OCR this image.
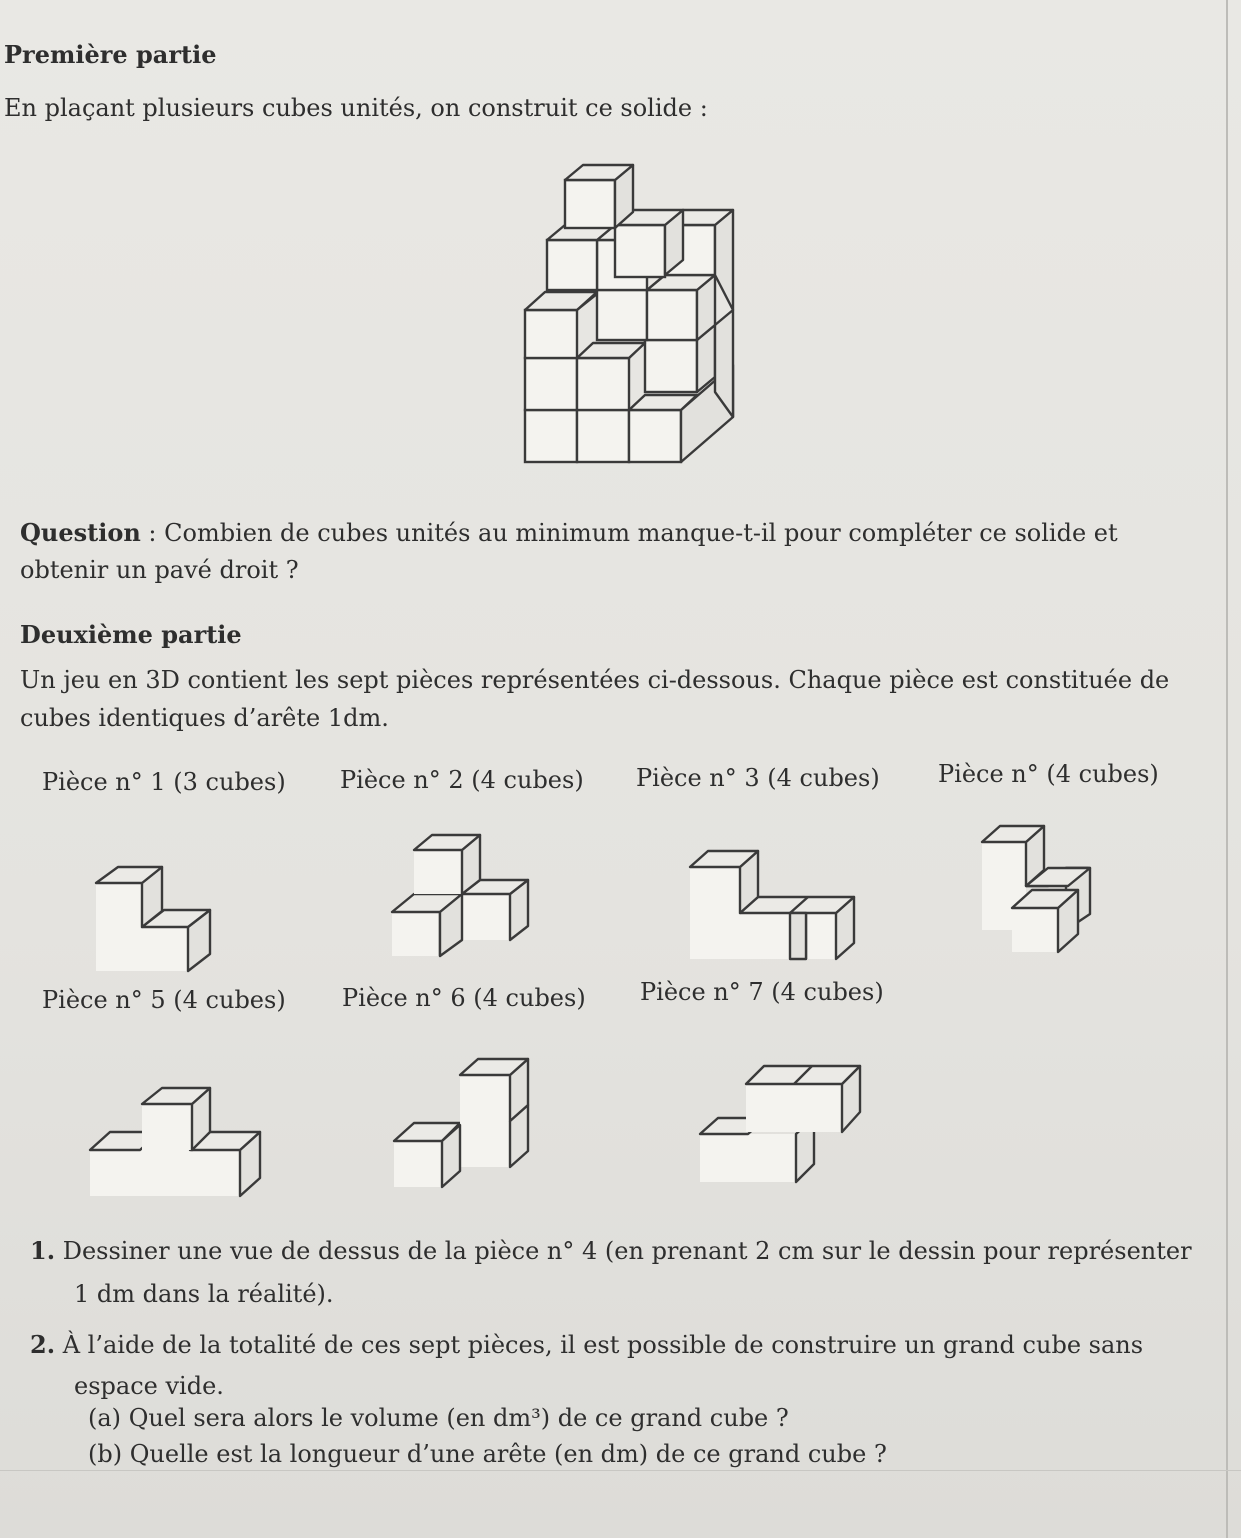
Première partie
En plaçant plusieurs cubes unités, on construit ce solide :
Question : Combien de cubes unités au minimum manque-t-il pour compléter ce solide et
obtenir un pavé droit ?
Deuxième partie
Un jeu en 3D contient les sept pièces représentées ci-dessous. Chaque pièce est constituée de
cubes identiques d’arête 1dm.
Pièce n° 1 (3 cubes) Pièce n° 2 (4 cubes) Pièce n° 3 (4 cubes) Pièce n° (4 cubes)
Pièce n° 5 (4 cubes) Pièce n° 6 (4 cubes) Pièce n° 7 (4 cubes)
1. Dessiner une vue de dessus de la pièce n° 4 (en prenant 2 cm sur le dessin pour représenter
1 dm dans la réalité).
2. À l’aide de la totalité de ces sept pièces, il est possible de construire un grand cube sans
espace vide.
(a) Quel sera alors le volume (en dm³) de ce grand cube ?
(b) Quelle est la longueur d’une arête (en dm) de ce grand cube ?
